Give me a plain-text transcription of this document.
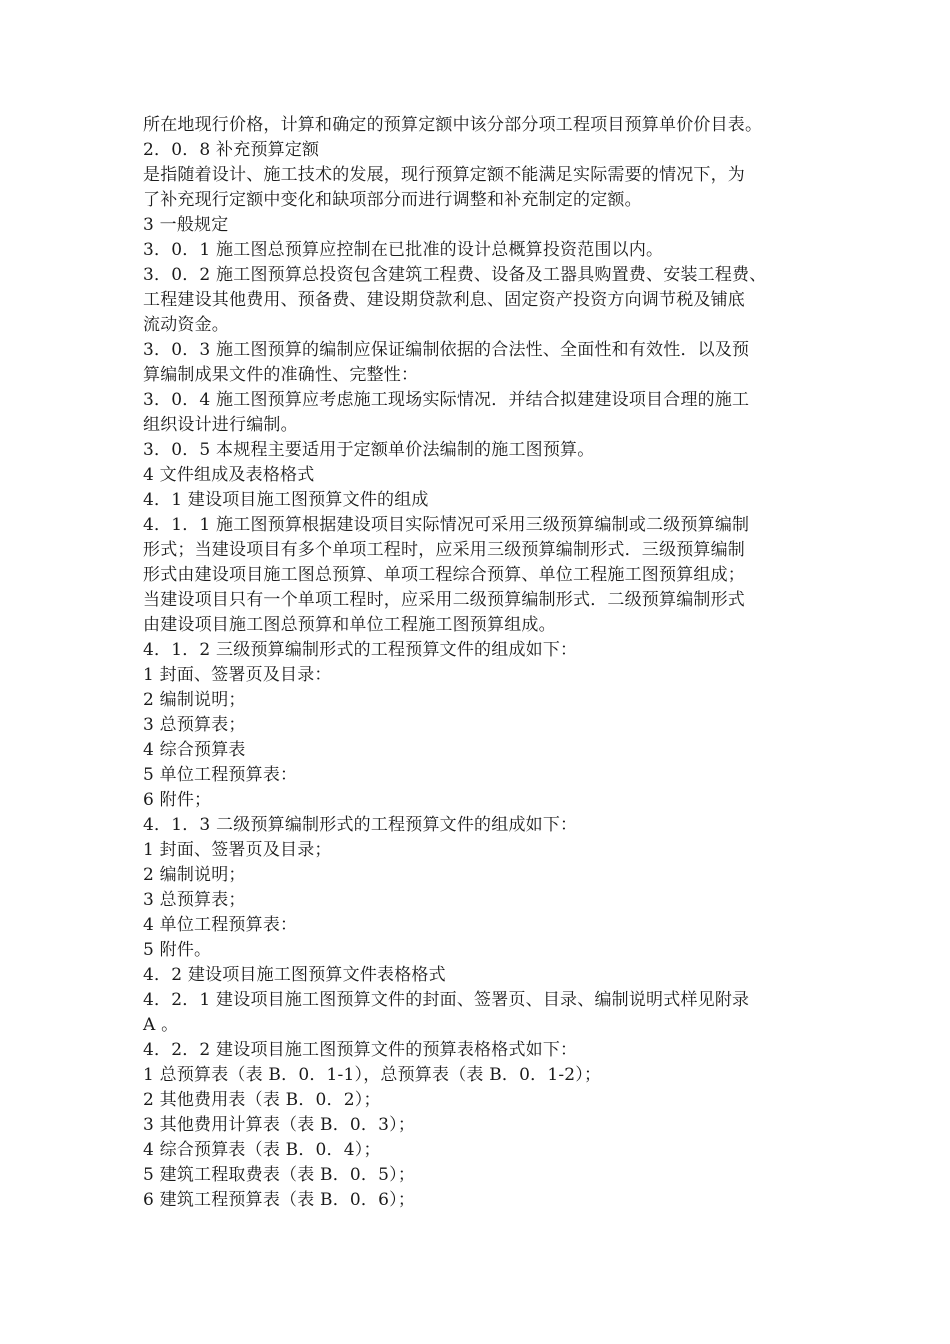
所在地现行价格，计算和确定的预算定额中该分部分项工程项目预算单价价目表。
2．0．8 补充预算定额
是指随着设计、施工技术的发展，现行预算定额不能满足实际需要的情况下，为
了补充现行定额中变化和缺项部分而进行调整和补充制定的定额。
3 一般规定
3．0．1 施工图总预算应控制在已批准的设计总概算投资范围以内。
3．0．2 施工图预算总投资包含建筑工程费、设备及工器具购置费、安装工程费、
工程建设其他费用、预备费、建设期贷款利息、固定资产投资方向调节税及铺底
流动资金。
3．0．3 施工图预算的编制应保证编制依据的合法性、全面性和有效性．以及预
算编制成果文件的准确性、完整性：
3．0．4 施工图预算应考虑施工现场实际情况．并结合拟建建设项目合理的施工
组织设计进行编制。
3．0．5 本规程主要适用于定额单价法编制的施工图预算。
4 文件组成及表格格式
4．1 建设项目施工图预算文件的组成
4．1．1 施工图预算根据建设项目实际情况可采用三级预算编制或二级预算编制
形式；当建设项目有多个单项工程时，应采用三级预算编制形式．三级预算编制
形式由建设项目施工图总预算、单项工程综合预算、单位工程施工图预算组成；
当建设项目只有一个单项工程时，应采用二级预算编制形式．二级预算编制形式
由建设项目施工图总预算和单位工程施工图预算组成。
4．1．2 三级预算编制形式的工程预算文件的组成如下：
1 封面、签署页及目录：
2 编制说明；
3 总预算表；
4 综合预算表
5 单位工程预算表：
6 附件；
4．1．3 二级预算编制形式的工程预算文件的组成如下：
1 封面、签署页及目录；
2 编制说明；
3 总预算表；
4 单位工程预算表：
5 附件。
4．2 建设项目施工图预算文件表格格式
4．2．1 建设项目施工图预算文件的封面、签署页、目录、编制说明式样见附录
A 。
4．2．2 建设项目施工图预算文件的预算表格格式如下：
1 总预算表（表 B．0．1-1），总预算表（表 B．0．1-2）；
2 其他费用表（表 B．0．2）；
3 其他费用计算表（表 B．0．3）；
4 综合预算表（表 B．0．4）；
5 建筑工程取费表（表 B．0．5）；
6 建筑工程预算表（表 B．0．6）；
